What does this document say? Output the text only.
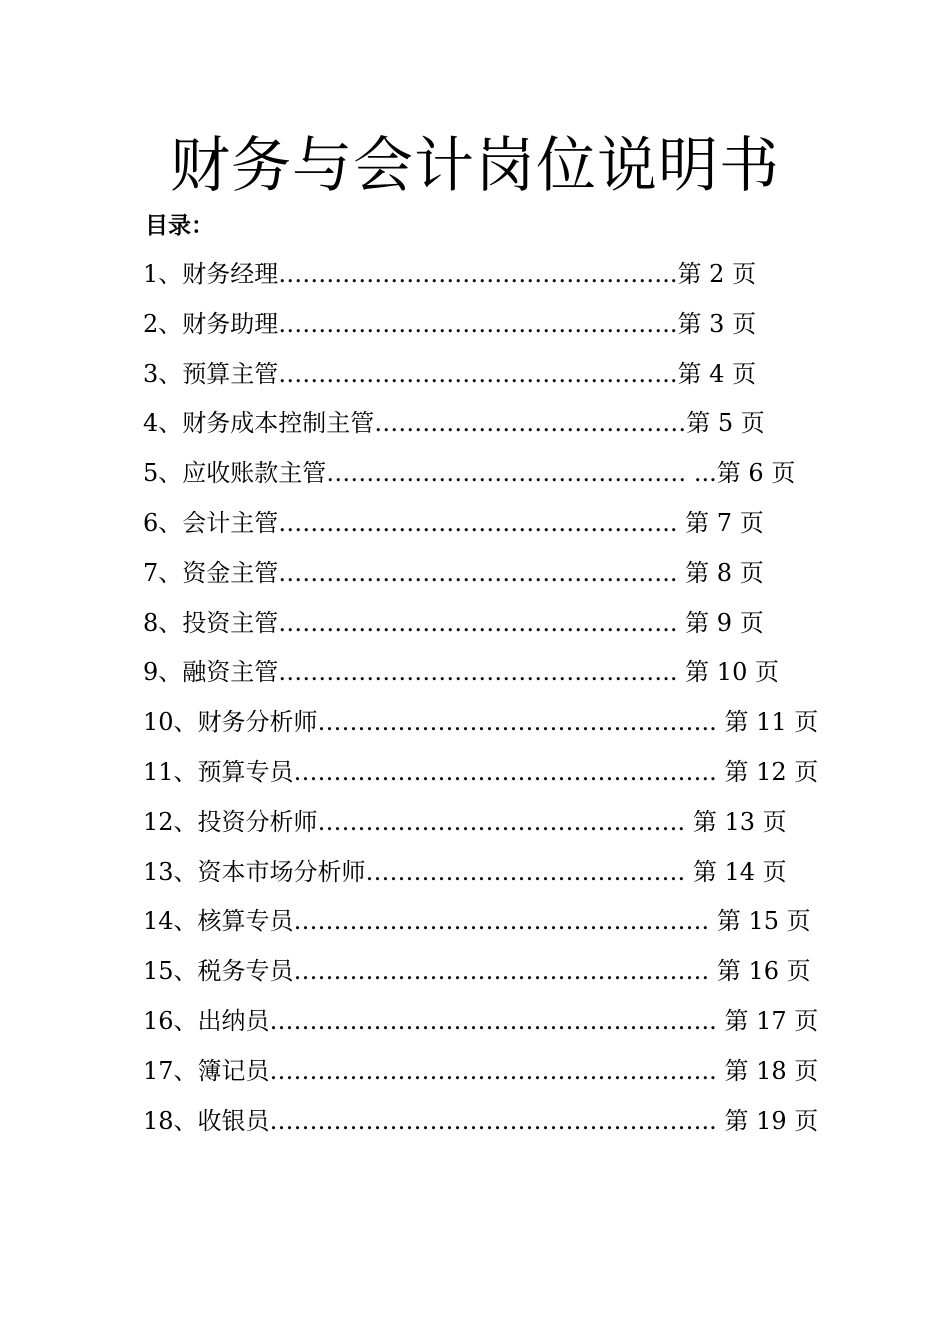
财务与会计岗位说明书
目录：
1、财务经理…………………………………………..第 2 页
2、财务助理…………………………………………..第 3 页
3、预算主管…………………………………………..第 4 页
4、财务成本控制主管…………………………………第 5 页
5、应收账款主管……………………………………… ...第 6 页
6、会计主管………………………………………….. 第 7 页
7、资金主管………………………………………….. 第 8 页
8、投资主管………………………………………….. 第 9 页
9、融资主管………………………………………….. 第 10 页
10、财务分析师………………………………………….. 第 11 页
11、预算专员…………………………………………….. 第 12 页
12、投资分析师………………………………………. 第 13 页
13、资本市场分析师…………………………………. 第 14 页
14、核算专员……………………………………………. 第 15 页
15、税务专员……………………………………………. 第 16 页
16、出纳员……………………………………………….. 第 17 页
17、簿记员……………………………………………….. 第 18 页
18、收银员……………………………………………….. 第 19 页
